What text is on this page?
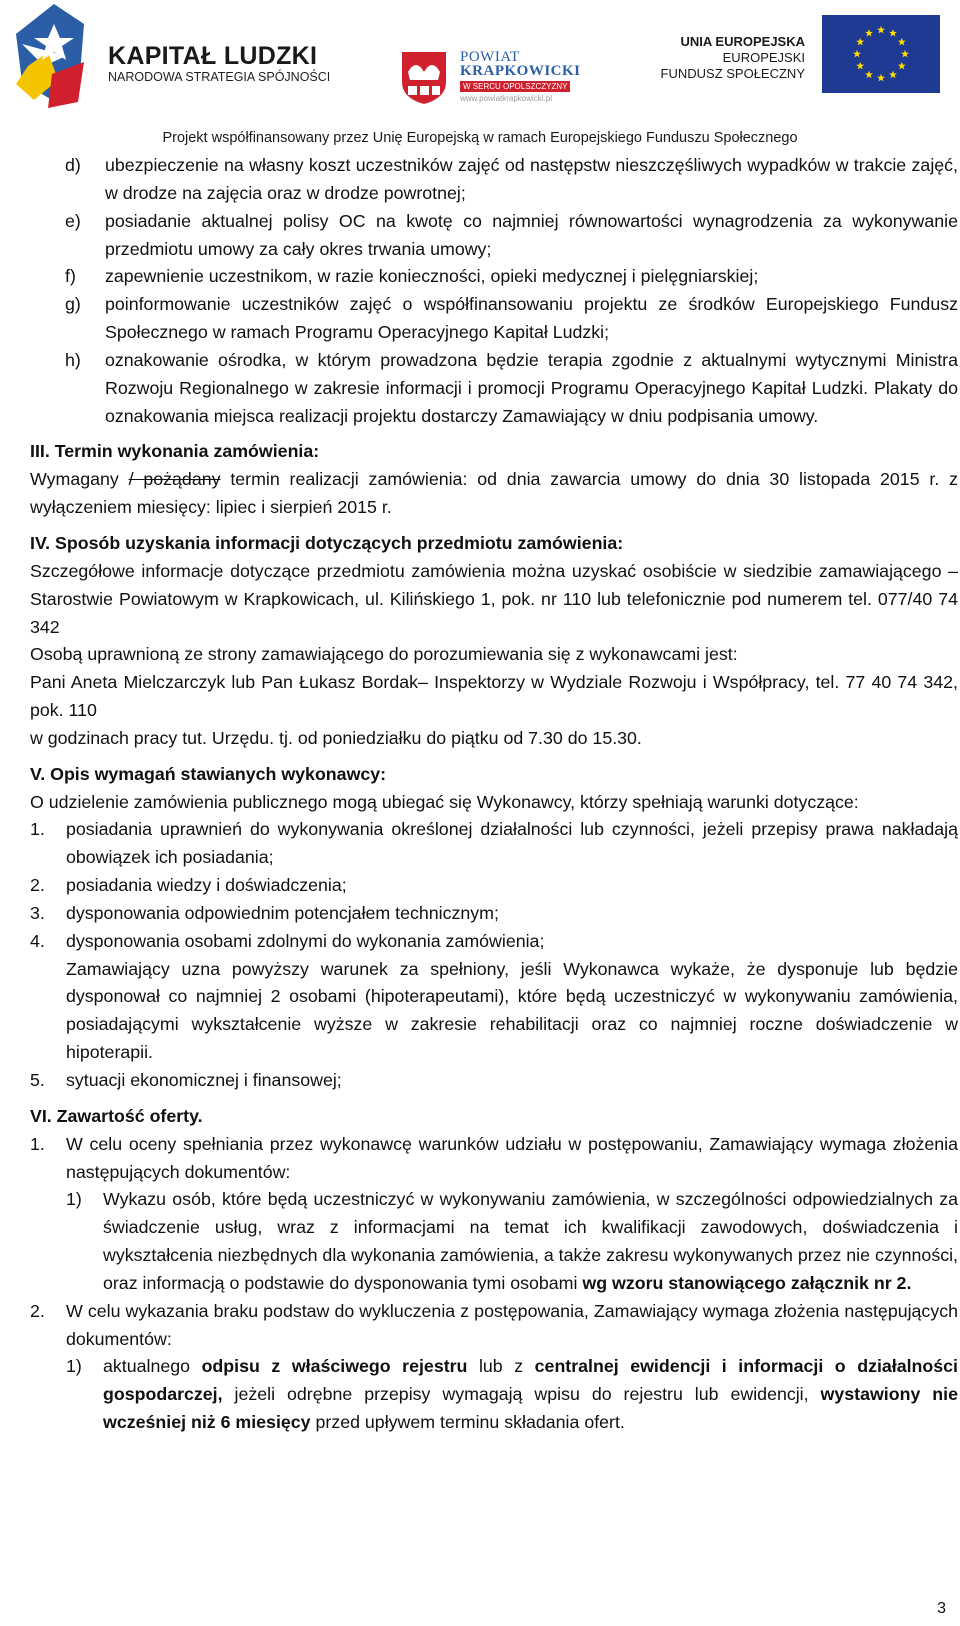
KAPITAŁ LUDZKI
NARODOWA STRATEGIA SPÓJNOŚCI
POWIAT
KRAPKOWICKI
W SERCU OPOLSZCZYZNY
www.powiatkrapkowicki.pl
UNIA EUROPEJSKA
EUROPEJSKI
FUNDUSZ SPOŁECZNY
Projekt współfinansowany przez Unię Europejską w ramach Europejskiego Funduszu Społecznego
d) ubezpieczenie na własny koszt uczestników zajęć od następstw nieszczęśliwych wypadków w trakcie zajęć, w drodze na zajęcia oraz w drodze powrotnej;
e) posiadanie aktualnej polisy OC na kwotę co najmniej równowartości wynagrodzenia za wykonywanie przedmiotu umowy za cały okres trwania umowy;
f) zapewnienie uczestnikom, w razie konieczności, opieki medycznej i pielęgniarskiej;
g) poinformowanie uczestników zajęć o współfinansowaniu projektu ze środków Europejskiego Fundusz Społecznego w ramach Programu Operacyjnego Kapitał Ludzki;
h) oznakowanie ośrodka, w którym prowadzona będzie terapia zgodnie z aktualnymi wytycznymi Ministra Rozwoju Regionalnego w zakresie informacji i promocji Programu Operacyjnego Kapitał Ludzki. Plakaty do oznakowania miejsca realizacji projektu dostarczy Zamawiający w dniu podpisania umowy.
III. Termin wykonania zamówienia:
Wymagany / pożądany termin realizacji zamówienia: od dnia zawarcia umowy do dnia 30 listopada 2015 r. z wyłączeniem miesięcy: lipiec i sierpień 2015 r.
IV. Sposób uzyskania informacji dotyczących przedmiotu zamówienia:
Szczegółowe informacje dotyczące przedmiotu zamówienia można uzyskać osobiście w siedzibie zamawiającego – Starostwie Powiatowym w Krapkowicach, ul. Kilińskiego 1, pok. nr 110 lub telefonicznie pod numerem tel. 077/40 74 342
Osobą uprawnioną ze strony zamawiającego do porozumiewania się z wykonawcami jest:
Pani Aneta Mielczarczyk lub Pan Łukasz Bordak– Inspektorzy w Wydziale Rozwoju i Współpracy, tel. 77 40 74 342, pok. 110
w godzinach pracy tut. Urzędu. tj. od poniedziałku do piątku od 7.30 do 15.30.
V. Opis wymagań stawianych wykonawcy:
O udzielenie zamówienia publicznego mogą ubiegać się Wykonawcy, którzy spełniają warunki dotyczące:
1. posiadania uprawnień do wykonywania określonej działalności lub czynności, jeżeli przepisy prawa nakładają obowiązek ich posiadania;
2. posiadania wiedzy i doświadczenia;
3. dysponowania odpowiednim potencjałem technicznym;
4. dysponowania osobami zdolnymi do wykonania zamówienia;
Zamawiający uzna powyższy warunek za spełniony, jeśli Wykonawca wykaże, że dysponuje lub będzie dysponował co najmniej 2 osobami (hipoterapeutami), które będą uczestniczyć w wykonywaniu zamówienia, posiadającymi wykształcenie wyższe w zakresie rehabilitacji oraz co najmniej roczne doświadczenie w hipoterapii.
5. sytuacji ekonomicznej i finansowej;
VI. Zawartość oferty.
1. W celu oceny spełniania przez wykonawcę warunków udziału w postępowaniu, Zamawiający wymaga złożenia następujących dokumentów:
1) Wykazu osób, które będą uczestniczyć w wykonywaniu zamówienia, w szczególności odpowiedzialnych za świadczenie usług, wraz z informacjami na temat ich kwalifikacji zawodowych, doświadczenia i wykształcenia niezbędnych dla wykonania zamówienia, a także zakresu wykonywanych przez nie czynności, oraz informacją o podstawie do dysponowania tymi osobami wg wzoru stanowiącego załącznik nr 2.
2. W celu wykazania braku podstaw do wykluczenia z postępowania, Zamawiający wymaga złożenia następujących dokumentów:
1) aktualnego odpisu z właściwego rejestru lub z centralnej ewidencji i informacji o działalności gospodarczej, jeżeli odrębne przepisy wymagają wpisu do rejestru lub ewidencji, wystawiony nie wcześniej niż 6 miesięcy przed upływem terminu składania ofert.
3
